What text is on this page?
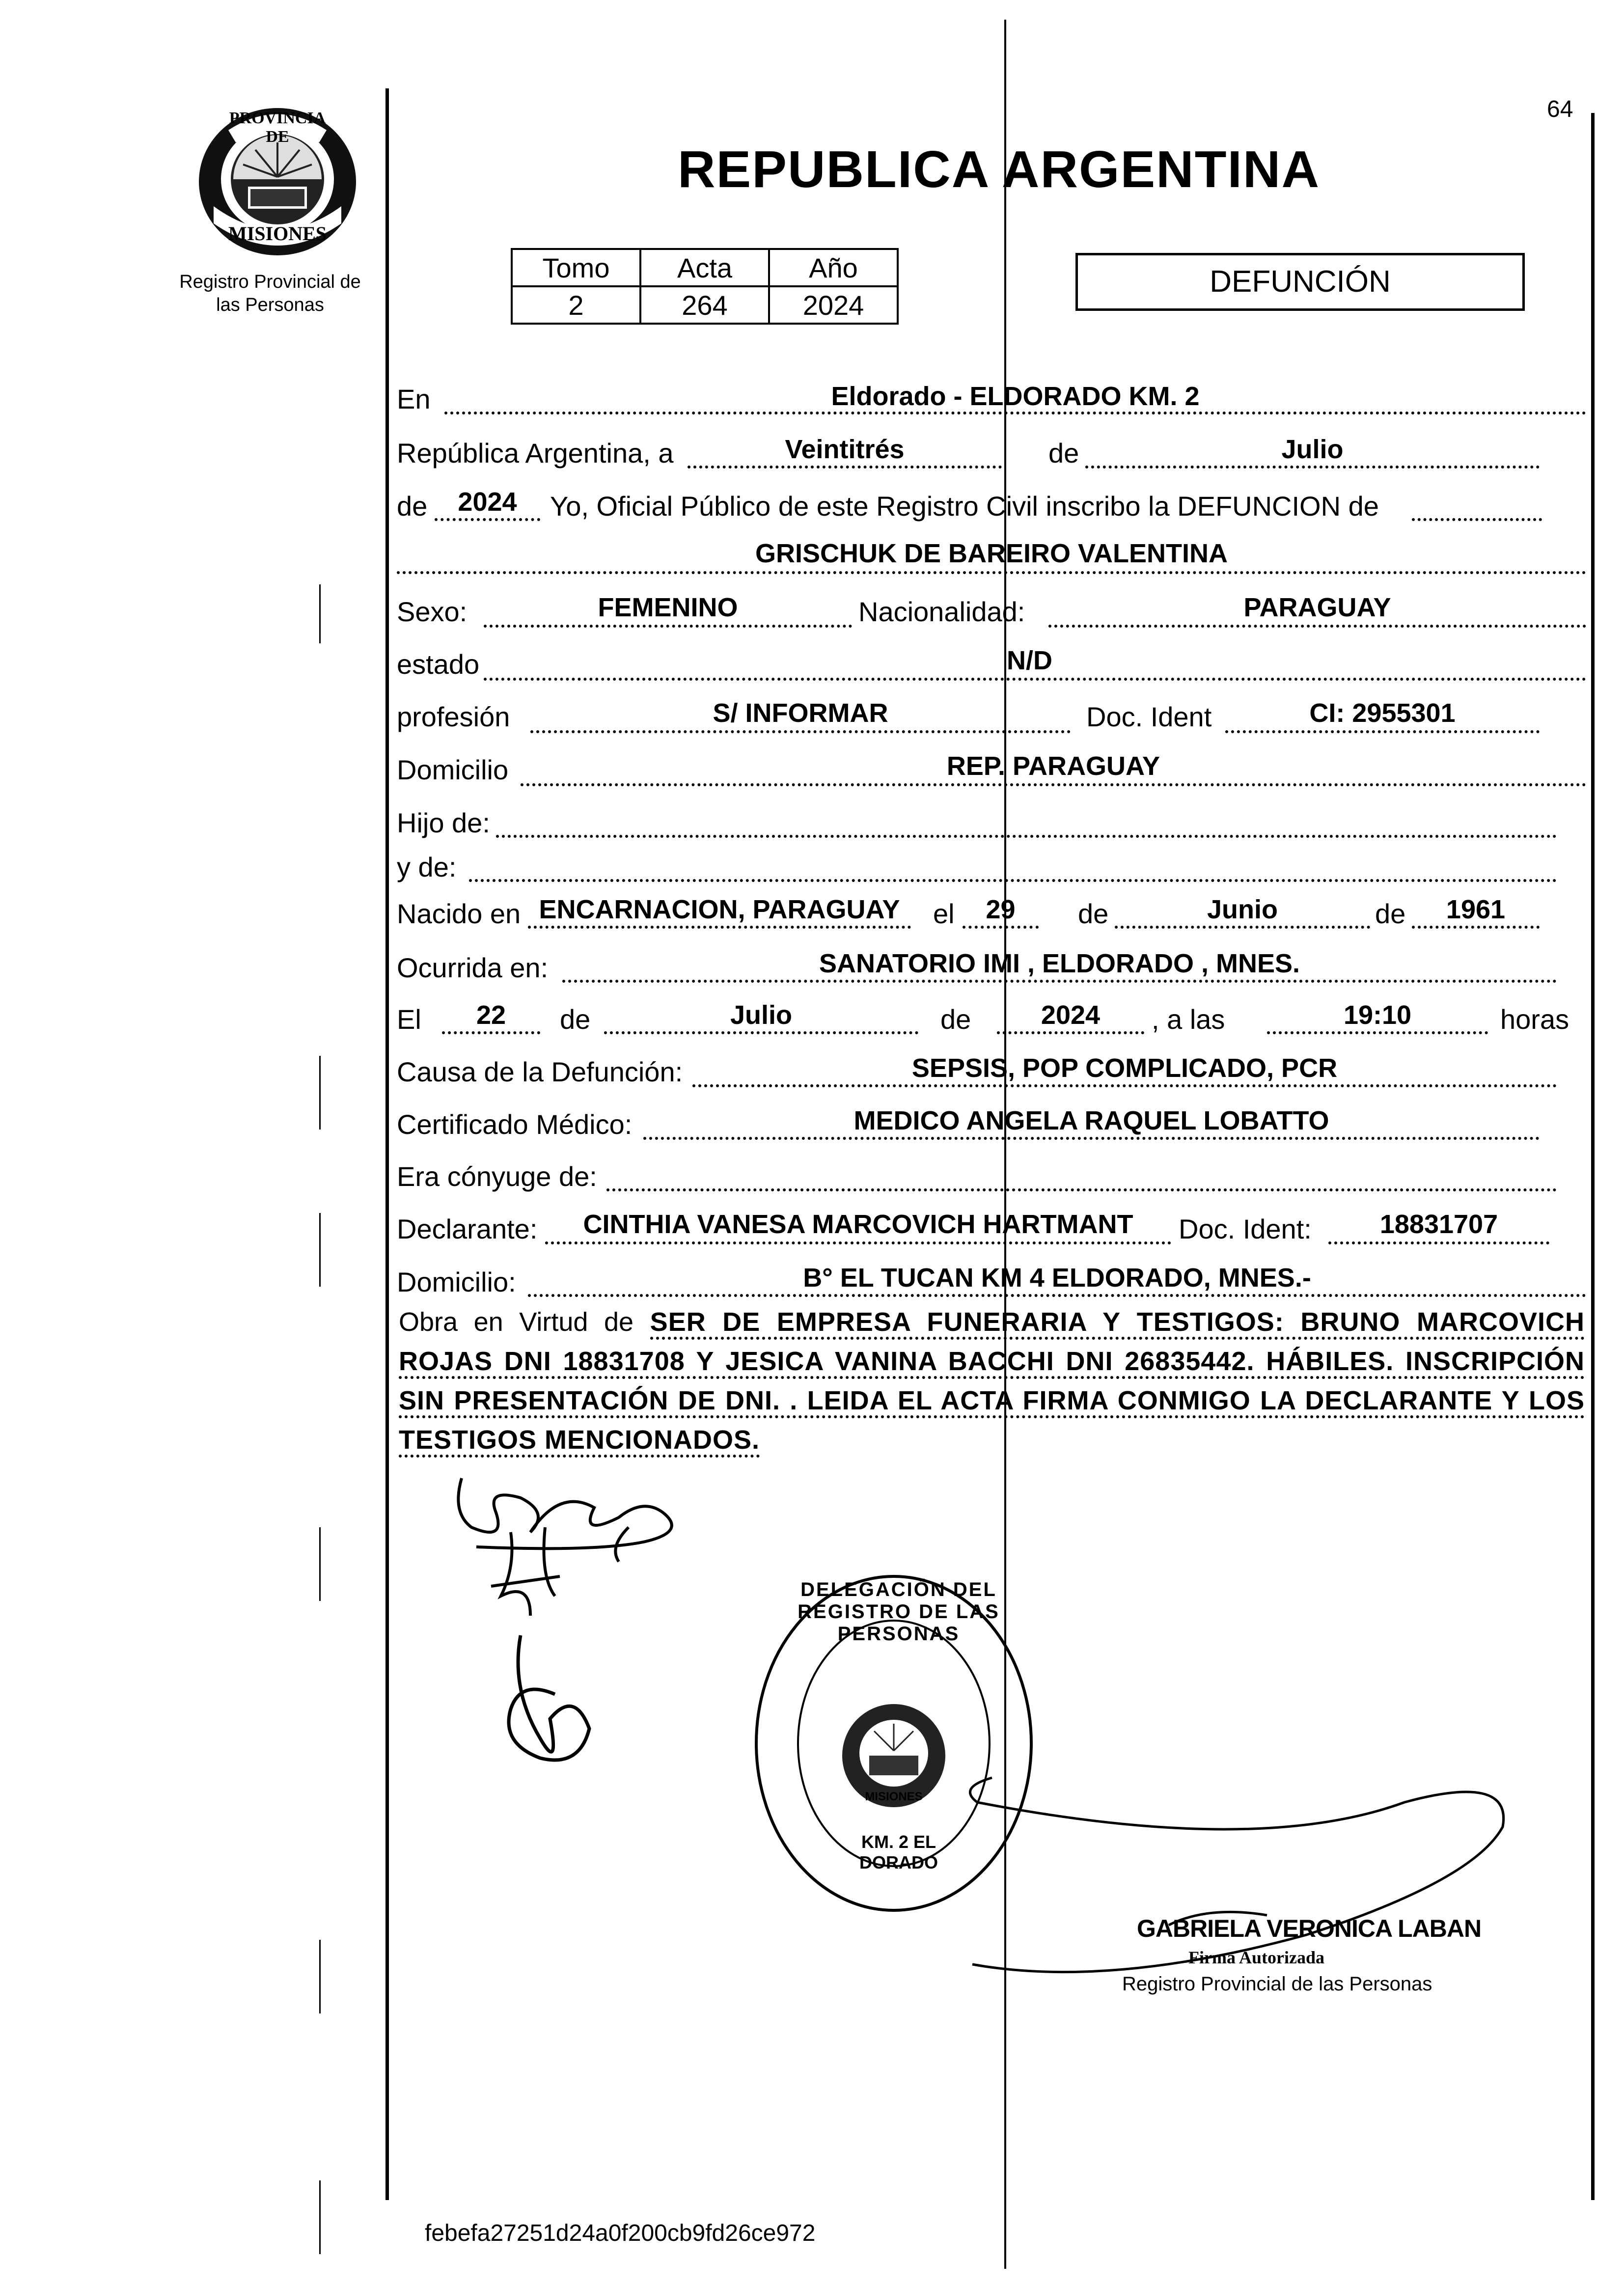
PROVINCIA DE
MISIONES
Registro Provincial de
las Personas
64
REPUBLICA ARGENTINA
Tomo	Acta	Año
2	264	2024
DEFUNCIÓN
En	Eldorado - ELDORADO KM. 2
República Argentina, a	Veintitrés	de	Julio
de	2024	Yo, Oficial Público de este Registro Civil inscribo la DEFUNCION de
GRISCHUK DE BAREIRO VALENTINA
Sexo:	FEMENINO	Nacionalidad:	PARAGUAY
estado	N/D
profesión	S/ INFORMAR	Doc. Ident	CI: 2955301
Domicilio	REP. PARAGUAY
Hijo de:
y de:
Nacido en ENCARNACION, PARAGUAY	el	29	de	Junio	de	1961
Ocurrida en:	SANATORIO IMI , ELDORADO , MNES.
El	22	de	Julio	de	2024	, a las	19:10	horas
Causa de la Defunción:	SEPSIS, POP COMPLICADO, PCR
Certificado Médico:	MEDICO ANGELA RAQUEL LOBATTO
Era cónyuge de:
Declarante:	CINTHIA VANESA MARCOVICH HARTMANT	Doc. Ident:	18831707
Domicilio:	B° EL TUCAN KM 4 ELDORADO, MNES.-
Obra en Virtud de SER DE EMPRESA FUNERARIA Y TESTIGOS: BRUNO MARCOVICH ROJAS DNI 18831708 Y JESICA VANINA BACCHI DNI 26835442. HÁBILES. INSCRIPCIÓN SIN PRESENTACIÓN DE DNI. . LEIDA EL ACTA FIRMA CONMIGO LA DECLARANTE Y LOS TESTIGOS MENCIONADOS.
DELEGACIÓN DEL REGISTRO DE LAS PERSONAS
KM. 2 EL DORADO
MISIONES
GABRIELA VERONICA LABAN
Firma Autorizada
Registro Provincial de las Personas
febefa27251d24a0f200cb9fd26ce972
